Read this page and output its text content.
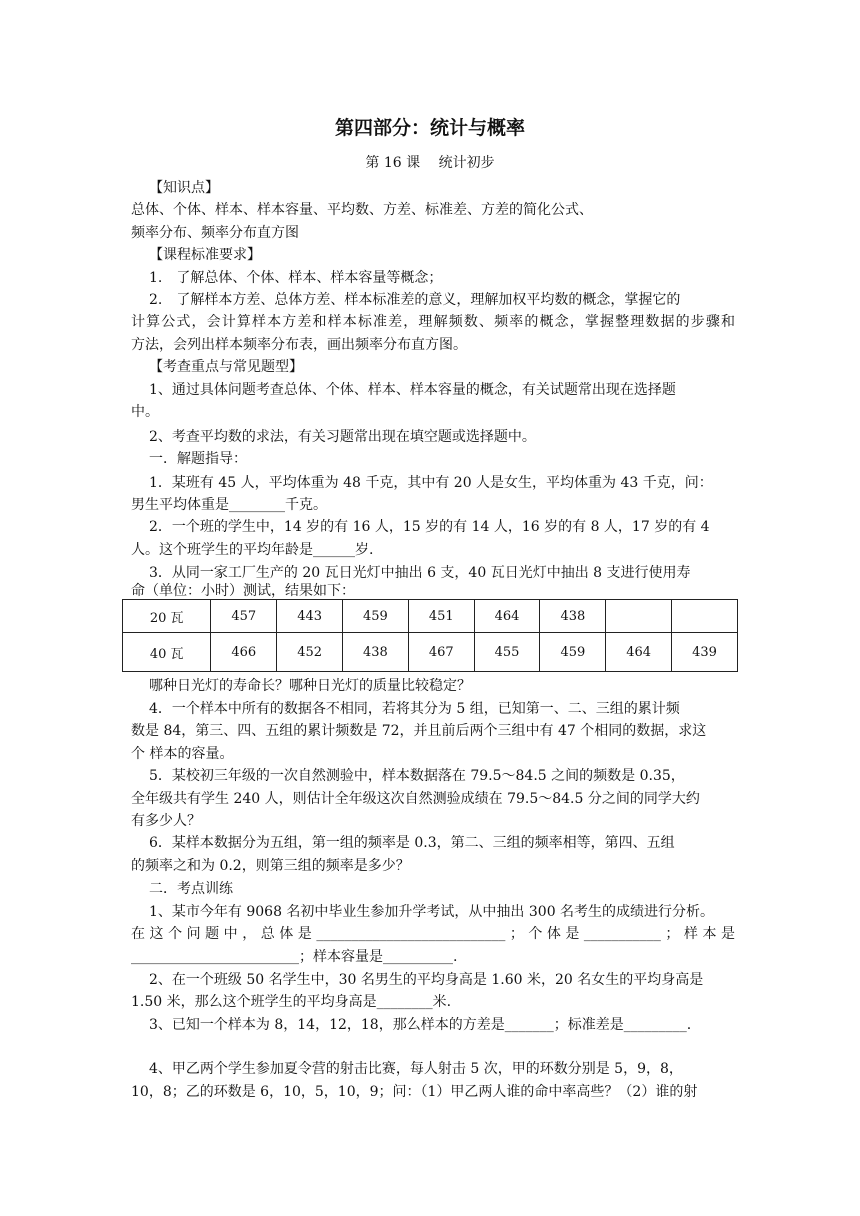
第四部分：统计与概率
第 16 课　 统计初步
【知识点】
总体、个体、样本、样本容量、平均数、方差、标准差、方差的简化公式、
频率分布、频率分布直方图
【课程标准要求】
1.　了解总体、个体、样本、样本容量等概念；
2.　了解样本方差、总体方差、样本标准差的意义，理解加权平均数的概念，掌握它的
计算公式，会计算样本方差和样本标准差，理解频数、频率的概念，掌握整理数据的步骤和
方法，会列出样本频率分布表，画出频率分布直方图。
【考查重点与常见题型】
1、通过具体问题考查总体、个体、样本、样本容量的概念，有关试题常出现在选择题
中。
2、考查平均数的求法，有关习题常出现在填空题或选择题中。
一．解题指导：
1．某班有 45 人，平均体重为 48 千克，其中有 20 人是女生，平均体重为 43 千克，问：
男生平均体重是________千克。
2．一个班的学生中，14 岁的有 16 人，15 岁的有 14 人，16 岁的有 8 人，17 岁的有 4
人。这个班学生的平均年龄是______岁.
3．从同一家工厂生产的 20 瓦日光灯中抽出 6 支，40 瓦日光灯中抽出 8 支进行使用寿
命（单位：小时）测试，结果如下：
20 瓦	457	443	459	451	464	438		
40 瓦	466	452	438	467	455	459	464	439
哪种日光灯的寿命长？哪种日光灯的质量比较稳定？
4．一个样本中所有的数据各不相同，若将其分为 5 组，已知第一、二、三组的累计频
数是 84，第三、四、五组的累计频数是 72，并且前后两个三组中有 47 个相同的数据，求这
个 样本的容量。
5．某校初三年级的一次自然测验中，样本数据落在 79.5～84.5 之间的频数是 0.35，
全年级共有学生 240 人，则估计全年级这次自然测验成绩在 79.5～84.5 分之间的同学大约
有多少人？
6．某样本数据分为五组，第一组的频率是 0.3，第二、三组的频率相等，第四、五组
的频率之和为 0.2，则第三组的频率是多少？
二．考点训练
1、某市今年有 9068 名初中毕业生参加升学考试，从中抽出 300 名考生的成绩进行分析。
在 这 个 问 题 中 ， 总 体 是 ___________________________ ； 个 体 是 ___________ ； 样 本 是
________________________；样本容量是__________.
2、在一个班级 50 名学生中，30 名男生的平均身高是 1.60 米，20 名女生的平均身高是
1.50 米，那么这个班学生的平均身高是________米.
3、已知一个样本为 8，14，12，18，那么样本的方差是_______；标准差是_________.
4、甲乙两个学生参加夏令营的射击比赛，每人射击 5 次，甲的环数分别是 5，9，8，
10，8；乙的环数是 6，10，5，10，9；问：（1）甲乙两人谁的命中率高些？（2）谁的射
